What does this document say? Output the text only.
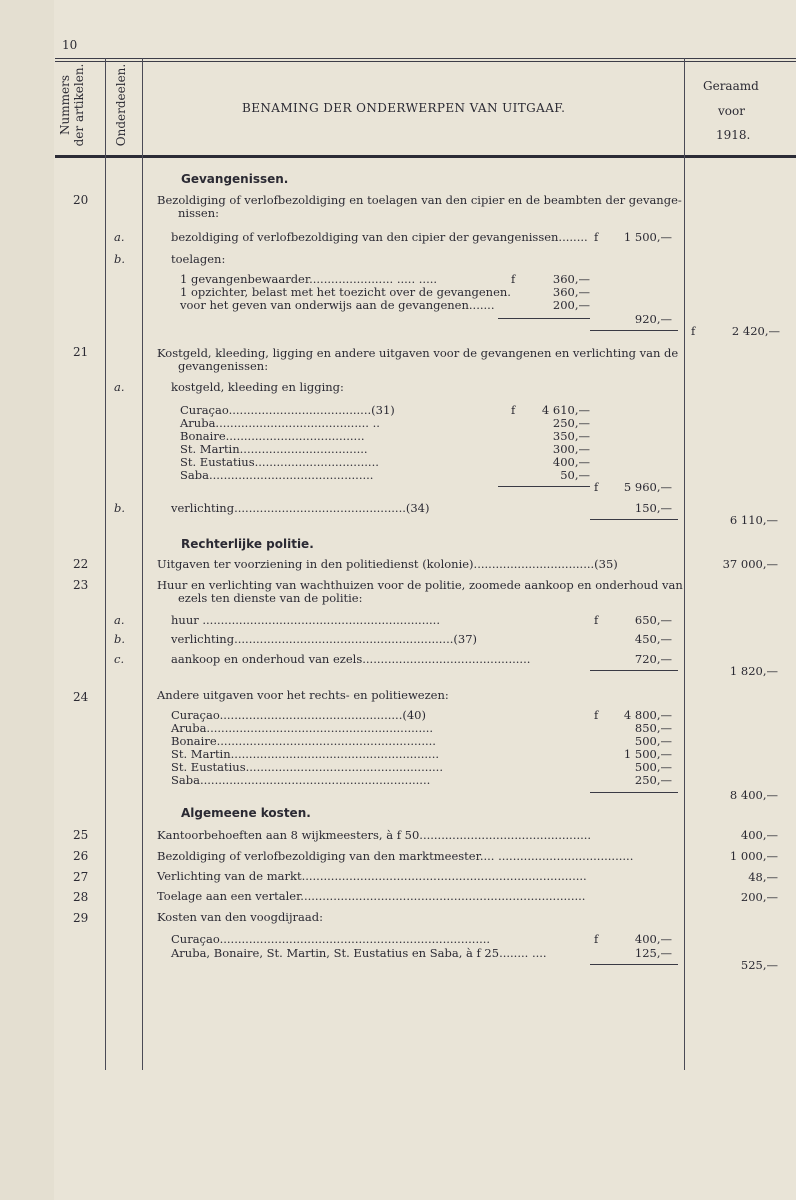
10
Nummers der artikelen. Onderdeelen.	BENAMING DER ONDERWERPEN VAN UITGAAF.
Geraamd
voor
1918.
Gevangenissen.
20	Bezoldiging of verlofbezoldiging en toelagen van den cipier en de beambten der gevange-
nissen:
a.	bezoldiging of verlofbezoldiging van den cipier der gevangenissen........ f	1 500,—
b.	toelagen:
1 gevangenbewaarder....................... ..... .....	f	360,—
1 opzichter, belast met het toezicht over de gevangenen.	360,—
voor het geven van onderwijs aan de gevangenen.......	200,—
920,—
f	2 420,—
21	Kostgeld, kleeding, ligging en andere uitgaven voor de gevangenen en verlichting van de
gevangenissen:
a.	kostgeld, kleeding en ligging:
Curaçao.......................................(31)	f	4 610,—
Aruba.......................................... ..	250,—
Bonaire......................................	350,—
St. Martin...................................	300,—
St. Eustatius..................................	400,—
Saba.............................................	50,—
f	5 960,—
b.	verlichting...............................................(34)	150,—
6 110,—
Rechterlijke politie.
22	Uitgaven ter voorziening in den politiedienst (kolonie).................................(35)	37 000,—
23	Huur en verlichting van wachthuizen voor de politie, zoomede aankoop en onderhoud van
ezels ten dienste van de politie:
a.	huur .................................................................	f	650,—
b.	verlichting............................................................(37)	450,—
c.	aankoop en onderhoud van ezels..............................................	720,—
1 820,—
24	Andere uitgaven voor het rechts- en politiewezen:
Curaçao..................................................(40)	f	4 800,—
Aruba..............................................................	850,—
Bonaire............................................................	500,—
St. Martin.........................................................	1 500,—
St. Eustatius......................................................	500,—
Saba...............................................................	250,—
8 400,—
Algemeene kosten.
25	Kantoorbehoeften aan 8 wijkmeesters, à f 50...............................................	400,—
26	Bezoldiging of verlofbezoldiging van den marktmeester.... .....................................	1 000,—
27	Verlichting van de markt..............................................................................	48,—
28	Toelage aan een vertaler..............................................................................	200,—
29	Kosten van den voogdijraad:
Curaçao..........................................................................	f	400,—
Aruba, Bonaire, St. Martin, St. Eustatius en Saba, à f 25........ ....	125,—
525,—
